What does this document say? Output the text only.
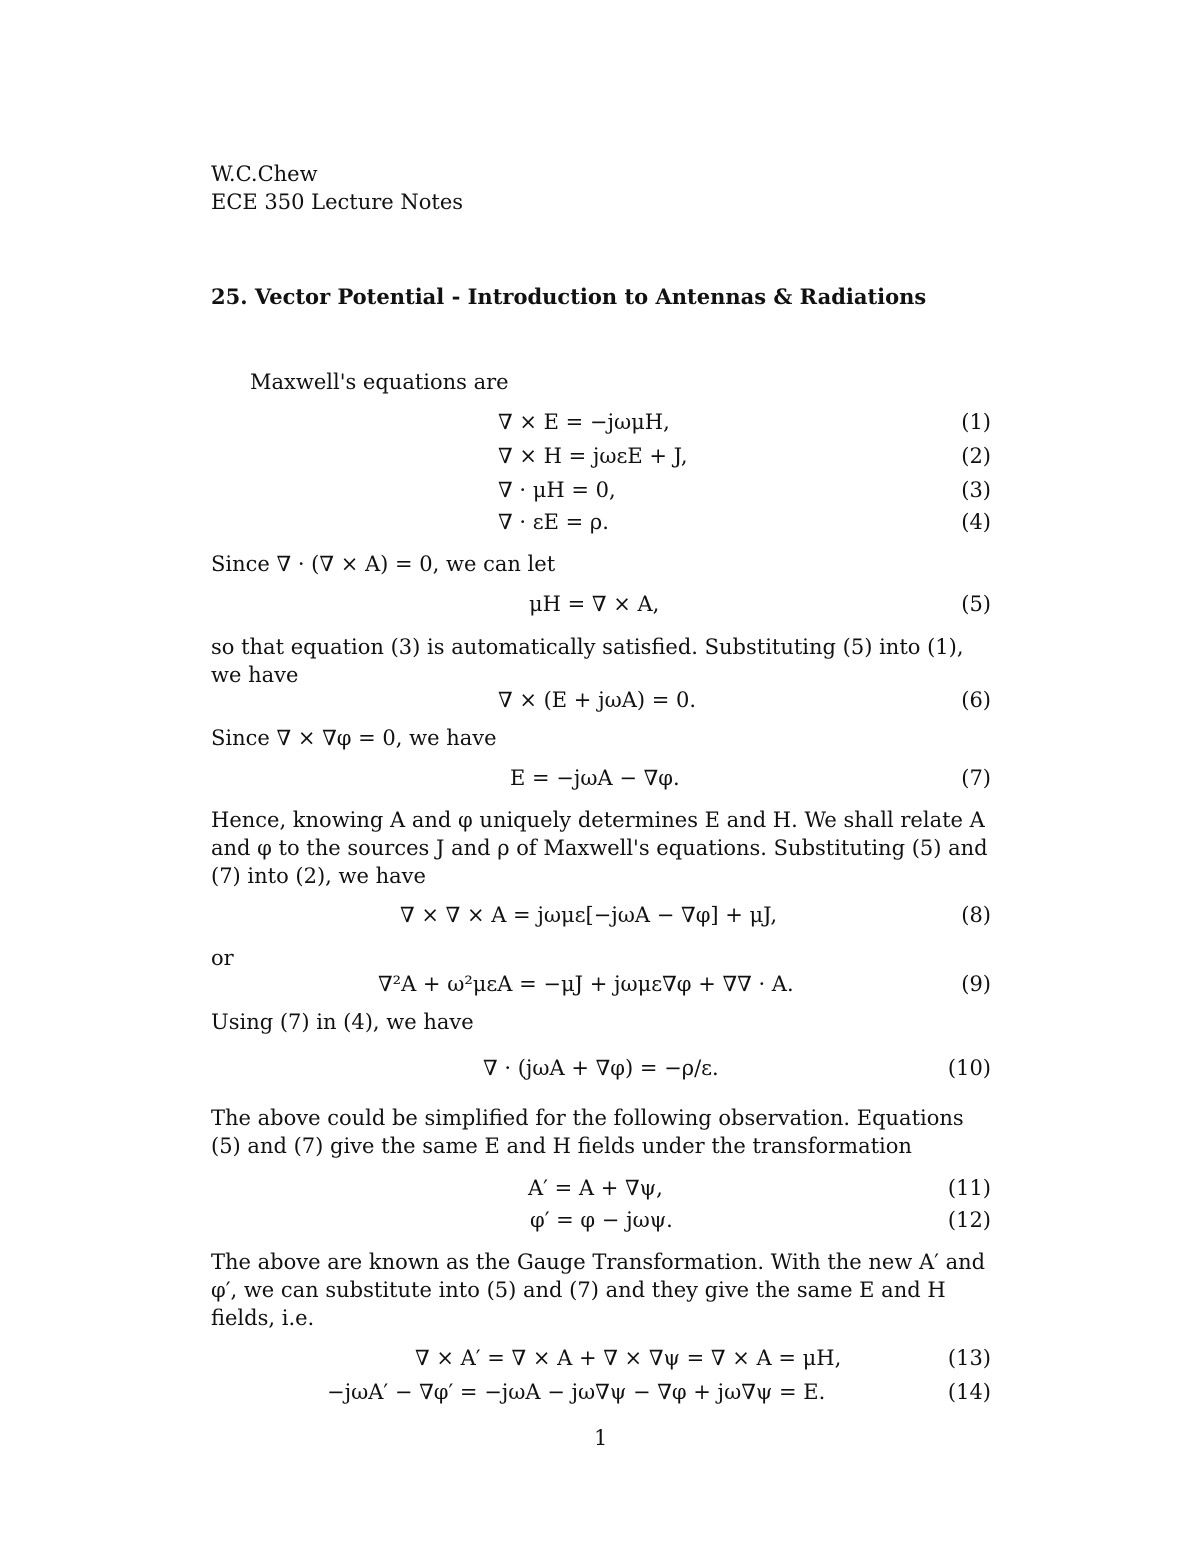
W.C.Chew
ECE 350 Lecture Notes
25. Vector Potential - Introduction to Antennas & Radiations
Maxwell's equations are
∇ × E = −jωμH,	(1)
∇ × H = jωεE + J,	(2)
∇ · μH = 0,	(3)
∇ · εE = ρ.	(4)
Since ∇ · (∇ × A) = 0, we can let
μH = ∇ × A,	(5)
so that equation (3) is automatically satisfied. Substituting (5) into (1), we have
∇ × (E + jωA) = 0.	(6)
Since ∇ × ∇φ = 0, we have
E = −jωA − ∇φ.	(7)
Hence, knowing A and φ uniquely determines E and H. We shall relate A and φ to the sources J and ρ of Maxwell's equations. Substituting (5) and (7) into (2), we have
∇ × ∇ × A = jωμε[−jωA − ∇φ] + μJ,	(8)
or
∇²A + ω²μεA = −μJ + jωμε∇φ + ∇∇ · A.	(9)
Using (7) in (4), we have
∇ · (jωA + ∇φ) = −ρ/ε.	(10)
The above could be simplified for the following observation. Equations (5) and (7) give the same E and H fields under the transformation
A′ = A + ∇ψ,	(11)
φ′ = φ − jωψ.	(12)
The above are known as the Gauge Transformation. With the new A′ and φ′, we can substitute into (5) and (7) and they give the same E and H fields, i.e.
∇ × A′ = ∇ × A + ∇ × ∇ψ = ∇ × A = μH,	(13)
−jωA′ − ∇φ′ = −jωA − jω∇ψ − ∇φ + jω∇ψ = E.	(14)
1
